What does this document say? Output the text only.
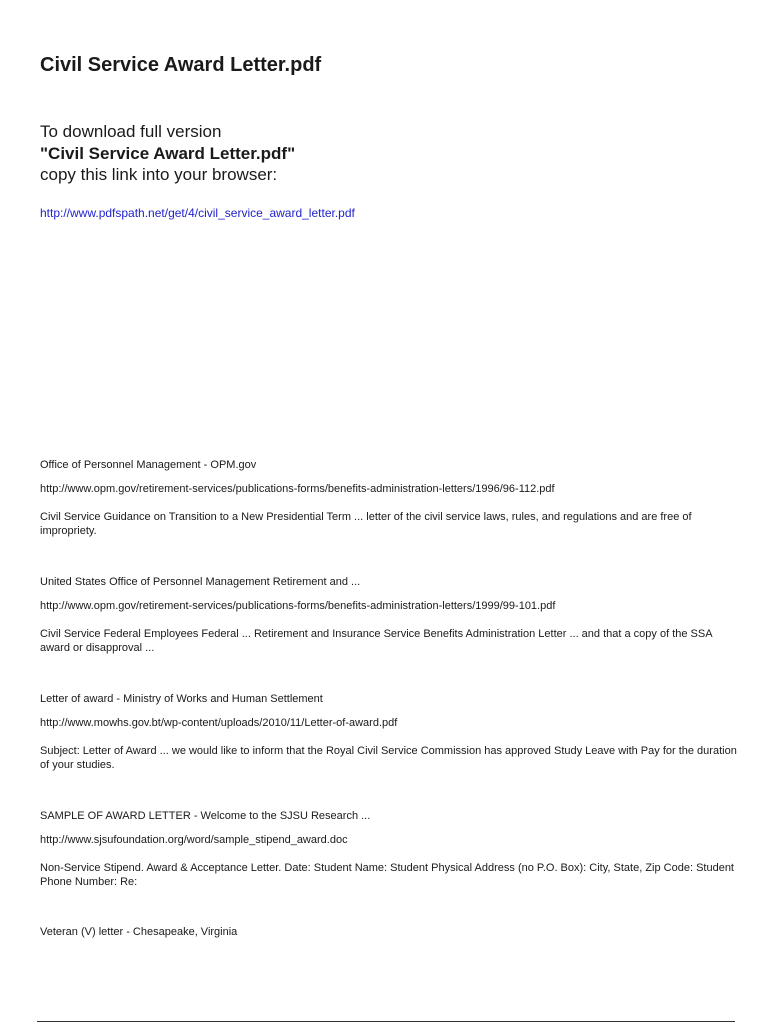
Civil Service Award Letter.pdf
To download full version
"Civil Service Award Letter.pdf"
copy this link into your browser:
http://www.pdfspath.net/get/4/civil_service_award_letter.pdf
Office of Personnel Management - OPM.gov
http://www.opm.gov/retirement-services/publications-forms/benefits-administration-letters/1996/96-112.pdf
Civil Service Guidance on Transition to a New Presidential Term ... letter of the civil service laws, rules, and regulations and are free of impropriety.
United States Office of Personnel Management Retirement and ...
http://www.opm.gov/retirement-services/publications-forms/benefits-administration-letters/1999/99-101.pdf
Civil Service Federal Employees Federal ... Retirement and Insurance Service Benefits Administration Letter ... and that a copy of the SSA award or disapproval ...
Letter of award - Ministry of Works and Human Settlement
http://www.mowhs.gov.bt/wp-content/uploads/2010/11/Letter-of-award.pdf
Subject: Letter of Award ... we would like to inform that the Royal Civil Service Commission has approved Study Leave with Pay for the duration of your studies.
SAMPLE OF AWARD LETTER - Welcome to the SJSU Research ...
http://www.sjsufoundation.org/word/sample_stipend_award.doc
Non-Service Stipend. Award & Acceptance Letter. Date: Student Name: Student Physical Address (no P.O. Box): City, State, Zip Code: Student Phone Number: Re:
Veteran (V) letter - Chesapeake, Virginia
